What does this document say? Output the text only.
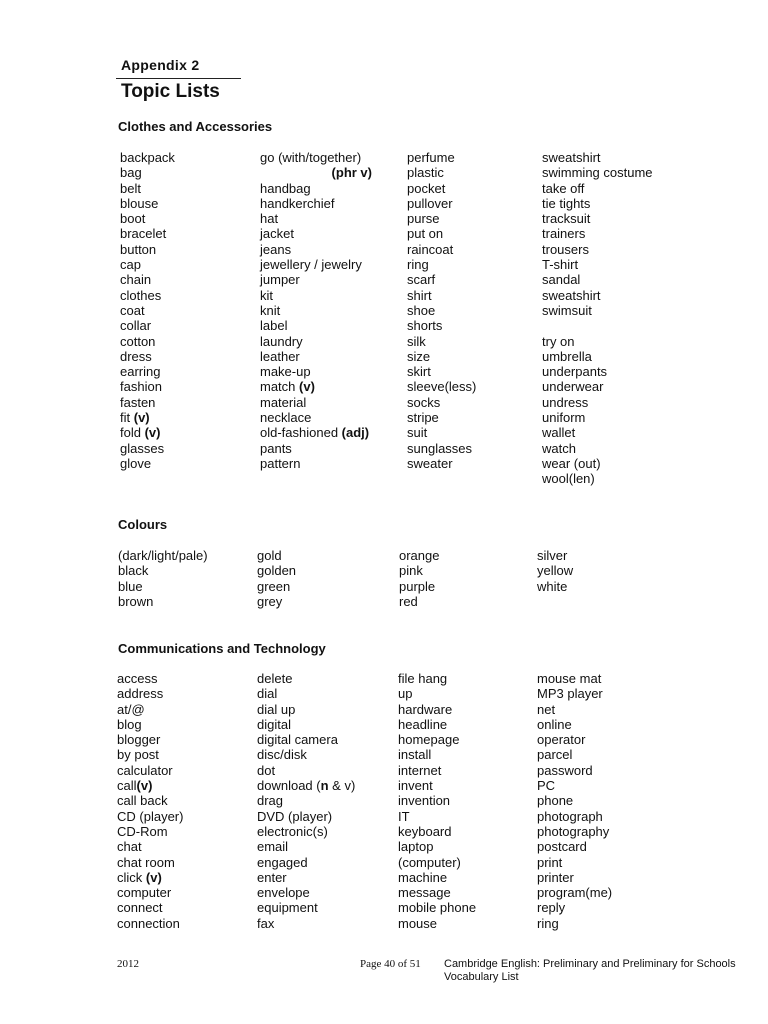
Appendix 2
Topic Lists
Clothes and Accessories
backpack
bag
belt
blouse
boot
bracelet
button
cap
chain
clothes
coat
collar
cotton
dress
earring
fashion
fasten
fit (v)
fold (v)
glasses
glove
go (with/together)
(phr v)
handbag
handkerchief
hat
jacket
jeans
jewellery / jewelry
jumper
kit
knit
label
laundry
leather
make-up
match (v)
material
necklace
old-fashioned (adj)
pants
pattern
perfume
plastic
pocket
pullover
purse
put on
raincoat
ring
scarf
shirt
shoe
shorts
silk
size
skirt
sleeve(less)
socks
stripe
suit
sunglasses
sweater
sweatshirt
swimming costume
take off
tie tights
tracksuit
trainers
trousers
T-shirt
sandal
sweatshirt
swimsuit
try on
umbrella
underpants
underwear
undress
uniform
wallet
watch
wear (out)
wool(len)
Colours
(dark/light/pale)
black
blue
brown
gold
golden
green
grey
orange
pink
purple
red
silver
yellow
white
Communications and Technology
access
address
at/@
blog
blogger
by post
calculator
call(v)
call back
CD (player)
CD-Rom
chat
chat room
click (v)
computer
connect
connection
delete
dial
dial up
digital
digital camera
disc/disk
dot
download (n & v)
drag
DVD (player)
electronic(s)
email
engaged
enter
envelope
equipment
fax
file hang
up
hardware
headline
homepage
install
internet
invent
invention
IT
keyboard
laptop
(computer)
machine
message
mobile phone
mouse
mouse mat
MP3 player
net
online
operator
parcel
password
PC
phone
photograph
photography
postcard
print
printer
program(me)
reply
ring
2012	Page 40 of 51 Cambridge English: Preliminary and Preliminary for Schools
Vocabulary List
